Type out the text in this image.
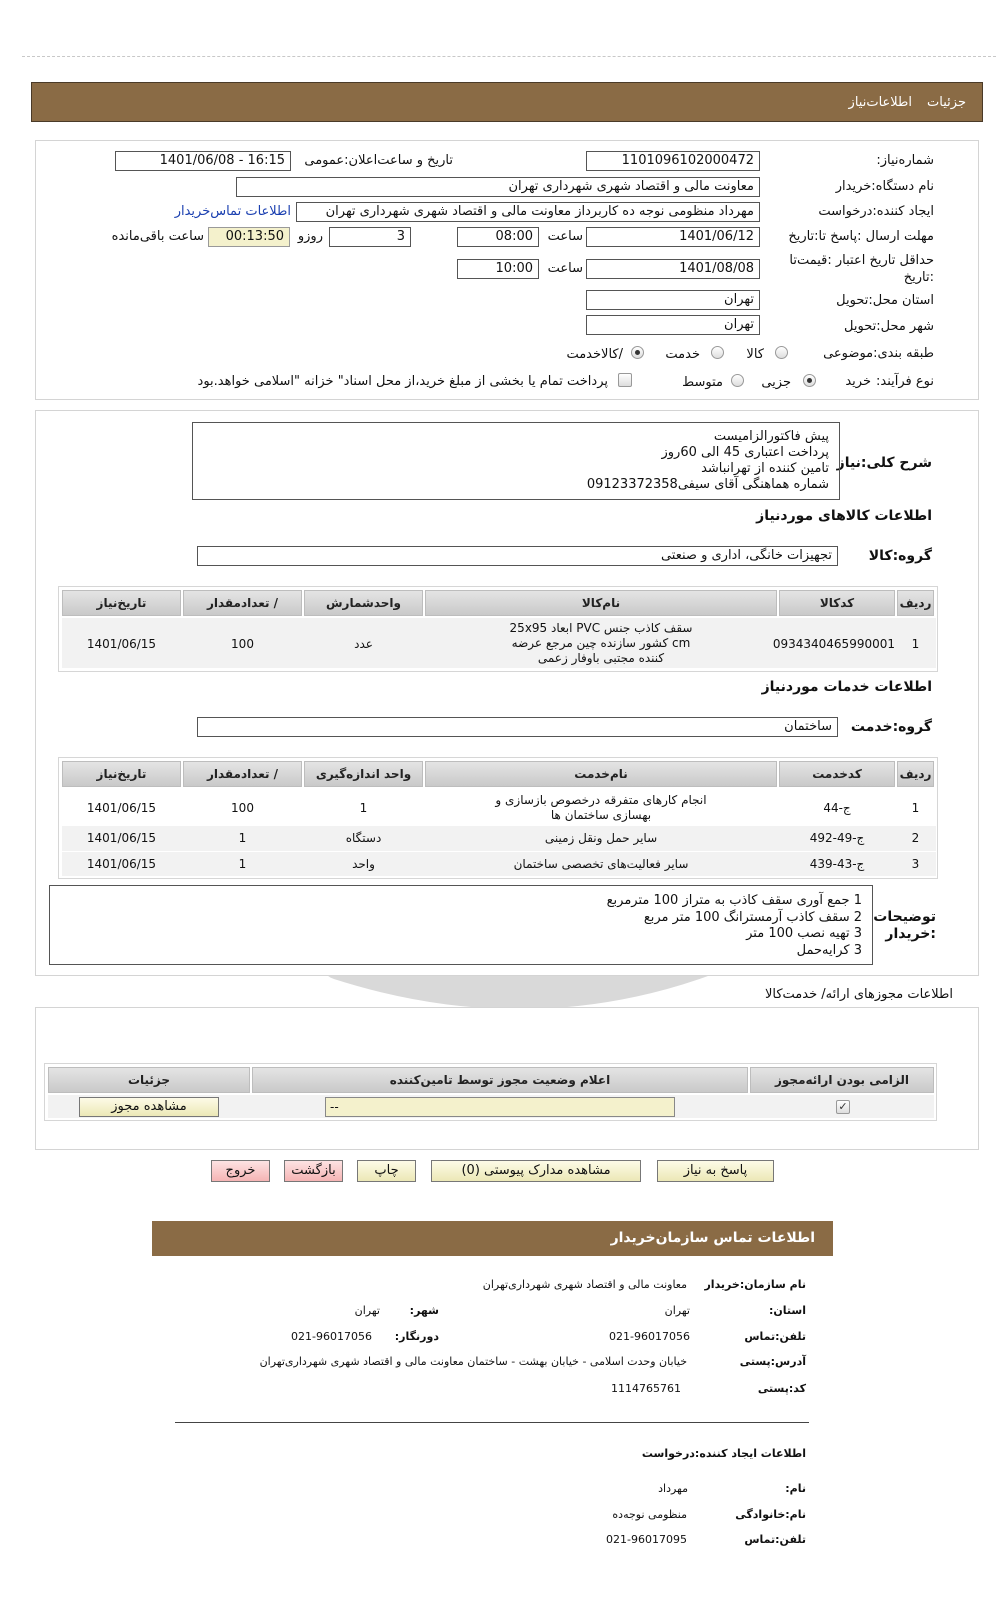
جزئیات
اطلاعات‌نیاز
شماره‌نیاز:
1101096102000472
تاریخ و ساعت‌اعلان‌:عمومی
1401/06/08 - 16:15
نام دستگاه‌:خریدار
معاونت مالی و اقتصاد شهری شهرداری تهران
ایجاد کننده‌:درخواست
مهرداد منظومی نوجه ده کاربرداز معاونت مالی و اقتصاد شهری شهرداری تهران
اطلاعات تماس‌خریدار
مهلت ارسال :پاسخ تا:تاریخ
1401/06/12
ساعت
08:00
3
روزو
00:13:50
ساعت باقی‌مانده
حداقل تاریخ اعتبار :قیمت‌تا
:تاریخ
1401/08/08
ساعت
10:00
استان محل:تحویل
تهران
شهر محل:تحویل
تهران
طبقه بندی:موضوعی
کالا
خدمت
/کالاخدمت
نوع فرآیند:
خرید
جزیی
متوسط
پرداخت تمام یا بخشی از مبلغ خرید،از محل اسناد" خزانه "اسلامی خواهد.بود
شرح کلی:نیاز
پیش فاکتورالزامیست
پرداخت اعتباری 45 الی 60روز
تامین کننده از تهرانباشد
شماره هماهنگی آقای سیفی09123372358
اطلاعات کالاهای موردنیاز
گروه:کالا
تجهیزات خانگی، اداری و صنعتی
ردیف
کدکالا
نام‌کالا
واحدشمارش
/ تعدادمقدار
تاریخ‌نیاز
1
0934340465990001
سقف کاذب جنس PVC ابعاد 25x95
cm کشور سازنده چین مرجع عرضه
کننده مجتبی باوفار زعمی
عدد
100
1401/06/15
اطلاعات خدمات موردنیاز
گروه:خدمت
ساختمان
ردیف
کدخدمت
نام‌خدمت
واحد اندازه‌گیری
/ تعدادمقدار
تاریخ‌نیاز
1
ج-44
انجام کارهای متفرقه درخصوص بازسازی و
بهسازی ساختمان ها
1
100
1401/06/15
2
ج-49-492
سایر حمل ونقل زمینی
دستگاه
1
1401/06/15
3
ج-43-439
سایر فعالیت‌های تخصصی ساختمان
واحد
1
1401/06/15
توضیحات
:خریدار
1 جمع آوری سقف کاذب به متراز 100 مترمربع
2 سقف کاذب آرمسترانگ 100 متر مربع
3 تهیه نصب 100 متر
3 کرایه‌حمل
اطلاعات مجوزهای ارائه/ خدمت‌کالا
الزامی بودن ارائه‌مجوز
اعلام وضعیت مجوز توسط تامین‌کننده
جزئیات
✓
--
مشاهده مجوز
پاسخ به نیاز
مشاهده مدارک پیوستی (0)
چاپ
بازگشت
خروج
اطلاعات تماس سازمان‌خریدار
نام سازمان:خریدار
معاونت مالی و اقتصاد شهری شهرداری‌تهران
استان:
تهران
شهر:
تهران
تلفن:تماس
021-96017056
دورنگار:
021-96017056
آدرس:پستی
خیابان وحدت اسلامی - خیابان بهشت - ساختمان معاونت مالی و اقتصاد شهری شهرداری‌تهران
کد:پستی
1114765761
اطلاعات ایجاد کننده‌:درخواست
نام:
مهرداد
نام:خانوادگی
منظومی نوجه‌ده
تلفن:تماس
021-96017095
